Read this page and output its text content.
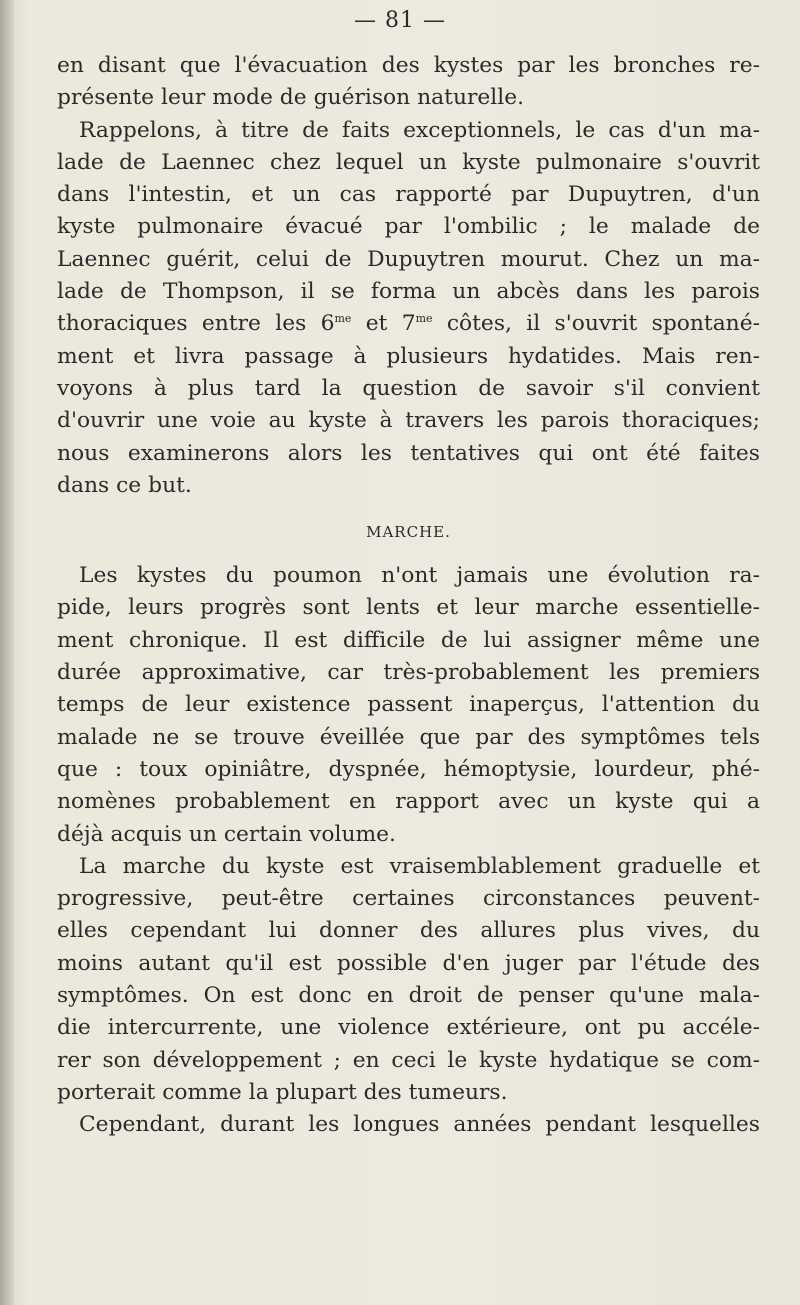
— 81 —
en disant que l'évacuation des kystes par les bronches re-
présente leur mode de guérison naturelle.
Rappelons, à titre de faits exceptionnels, le cas d'un ma-
lade de Laennec chez lequel un kyste pulmonaire s'ouvrit
dans l'intestin, et un cas rapporté par Dupuytren, d'un
kyste pulmonaire évacué par l'ombilic ; le malade de
Laennec guérit, celui de Dupuytren mourut. Chez un ma-
lade de Thompson, il se forma un abcès dans les parois
thoraciques entre les $6^{me}$ et $7^{me}$ côtes, il s'ouvrit spontané-
ment et livra passage à plusieurs hydatides. Mais ren-
voyons à plus tard la question de savoir s'il convient
d'ouvrir une voie au kyste à travers les parois thoraciques;
nous examinerons alors les tentatives qui ont été faites
dans ce but.
MARCHE.
Les kystes du poumon n'ont jamais une évolution ra-
pide, leurs progrès sont lents et leur marche essentielle-
ment chronique. Il est difficile de lui assigner même une
durée approximative, car très-probablement les premiers
temps de leur existence passent inaperçus, l'attention du
malade ne se trouve éveillée que par des symptômes tels
que : toux opiniâtre, dyspnée, hémoptysie, lourdeur, phé-
nomènes probablement en rapport avec un kyste qui a
déjà acquis un certain volume.
La marche du kyste est vraisemblablement graduelle et
progressive, peut-être certaines circonstances peuvent-
elles cependant lui donner des allures plus vives, du
moins autant qu'il est possible d'en juger par l'étude des
symptômes. On est donc en droit de penser qu'une mala-
die intercurrente, une violence extérieure, ont pu accéle-
rer son développement ; en ceci le kyste hydatique se com-
porterait comme la plupart des tumeurs.
Cependant, durant les longues années pendant lesquelles
